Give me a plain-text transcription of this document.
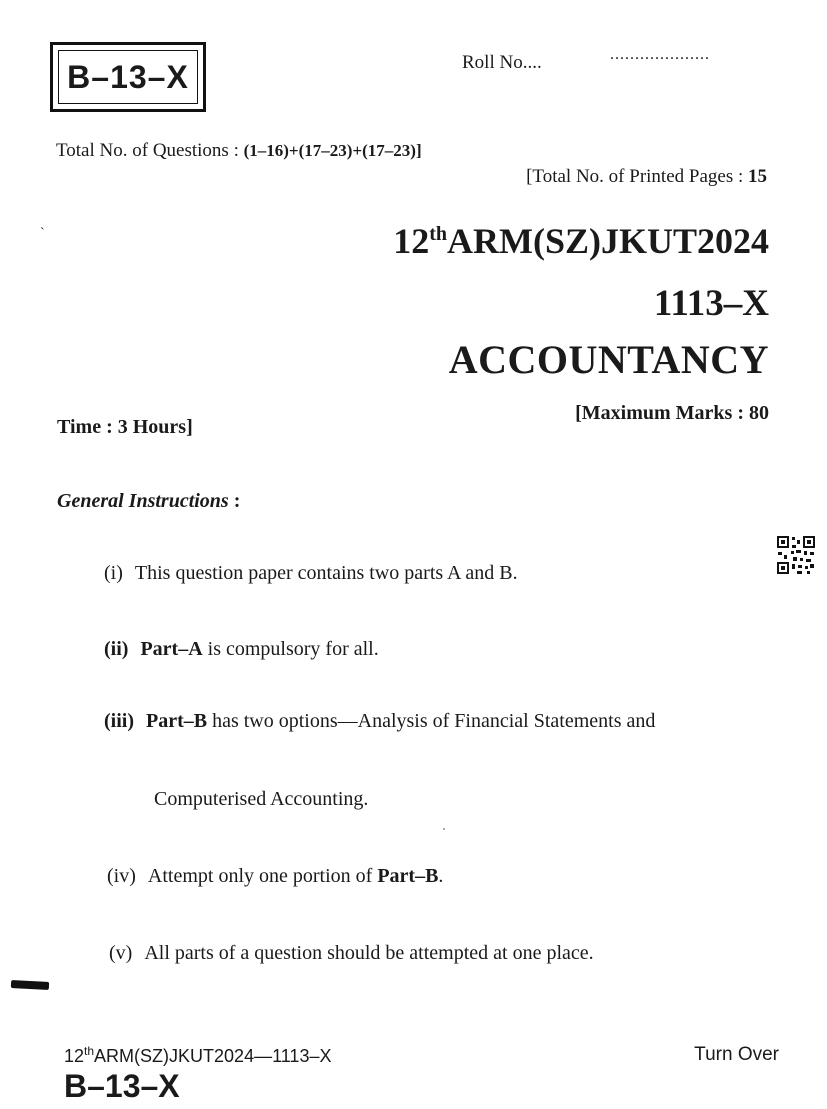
B–13–X	Roll No....	....................
Total No. of Questions : (1–16)+(17–23)+(17–23)]
[Total No. of Printed Pages : 15
`	12thARM(SZ)JKUT2024
1113–X
ACCOUNTANCY
Time : 3 Hours]
[Maximum Marks : 80
General Instructions :
(i) This question paper contains two parts A and B.
(ii) Part–A is compulsory for all.
(iii) Part–B has two options—Analysis of Financial Statements and
Computerised Accounting.
(iv) Attempt only one portion of Part–B.
(v) All parts of a question should be attempted at one place.
12thARM(SZ)JKUT2024—1113–X	Turn Over
B–13–X
